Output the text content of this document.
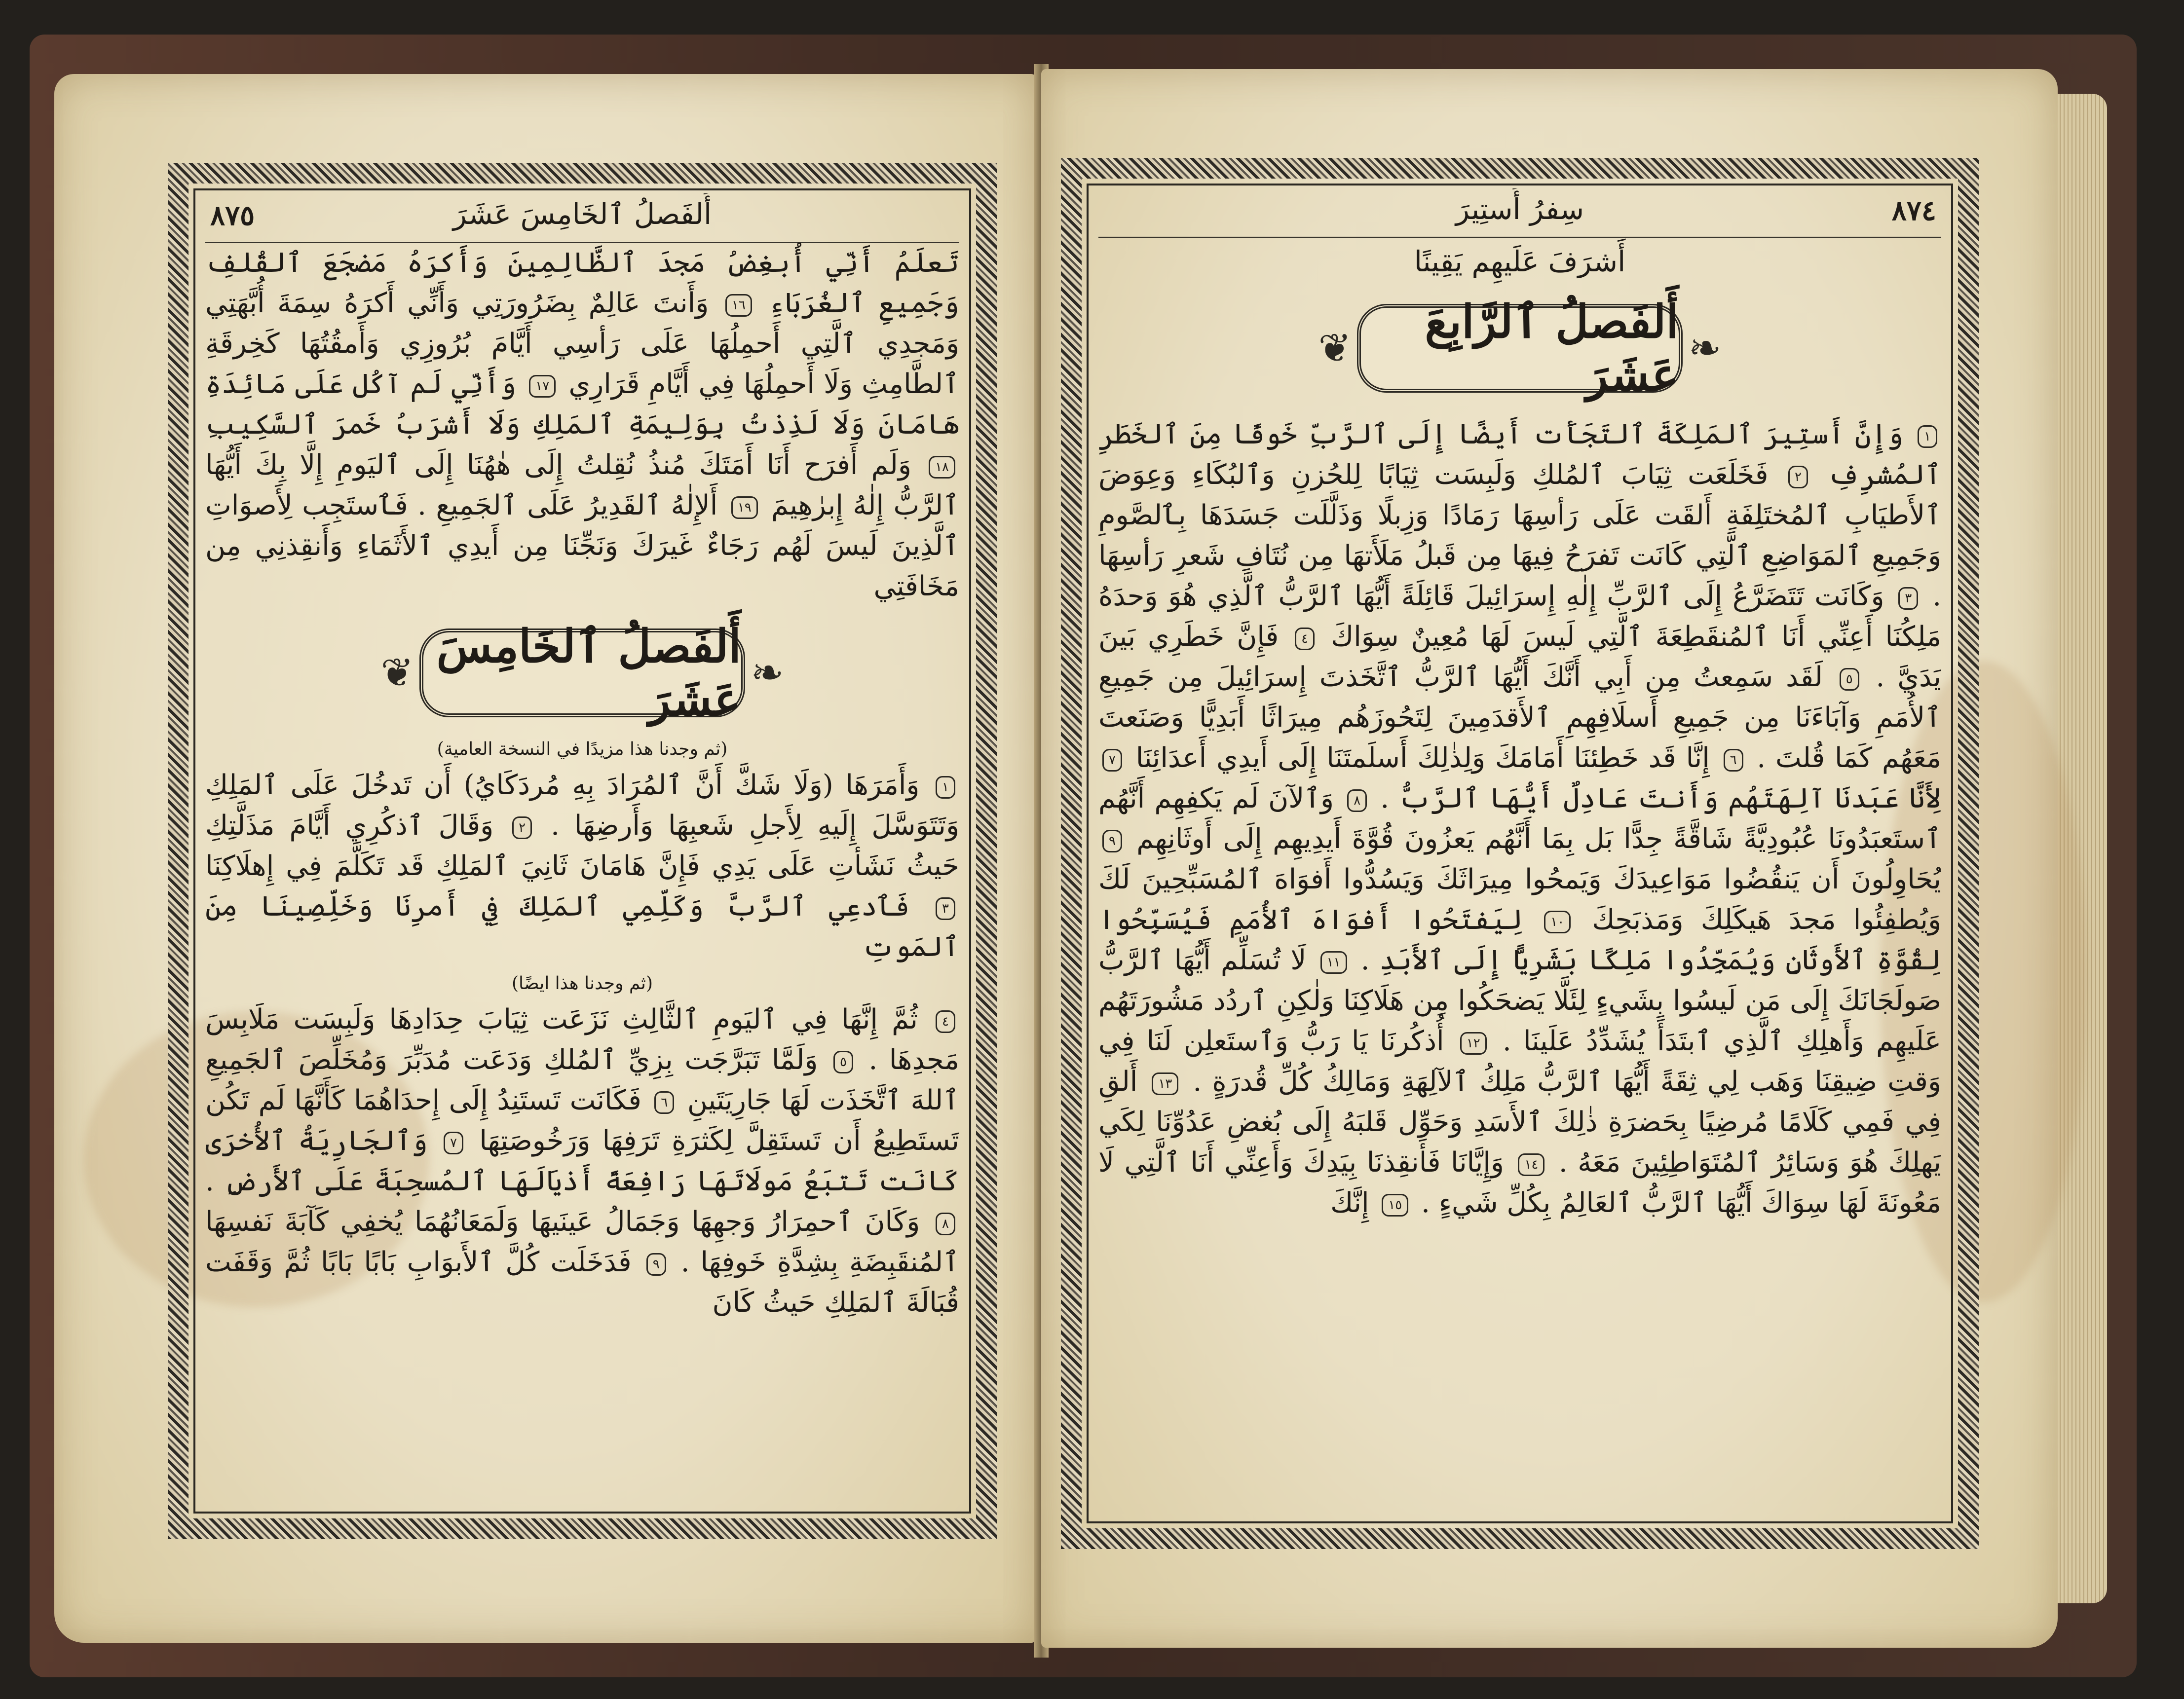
٨٧٥	أَلفَصلُ ٱلخَامِسَ عَشَرَ

تَعلَمُ أَنِّي أُبغِضُ مَجدَ ٱلظَّالِمِينَ وَأَكرَهُ مَضجَعَ ٱلقُلفِ وَجَمِيعِ ٱلغُرَبَاءِ ١٦ وَأَنتَ عَالِمٌ بِضَرُورَتِي وَأَنِّي أَكرَهُ سِمَةَ أُبَّهَتِي وَمَجدِي ٱلَّتِي أَحمِلُهَا عَلَى رَأسِي أَيَّامَ بُرُوزِي وَأَمقُتُهَا كَخِرقَةِ ٱلطَّامِثِ وَلَا أَحمِلُهَا فِي أَيَّامِ قَرَارِي ١٧ وَأَنِّي لَم آكُل عَلَى مَائِدَةِ هَامَانَ وَلَا لَذِذتُ بِوَلِيمَةِ ٱلمَلِكِ وَلَا أَشرَبُ خَمرَ ٱلسَّكِيبِ ١٨ وَلَم أَفرَح أَنَا أَمَتَكَ مُنذُ نُقِلتُ إِلَى هٰهُنَا إِلَى ٱليَومِ إِلَّا بِكَ أَيُّهَا ٱلرَّبُّ إِلٰهُ إِبرٰهِيمَ ١٩ أَلإِلٰهُ ٱلقَدِيرُ عَلَى ٱلجَمِيعِ . فَٱستَجِب لِأَصوَاتِ ٱلَّذِينَ لَيسَ لَهُم رَجَاءٌ غَيرَكَ وَنَجِّنَا مِن أَيدِي ٱلأَثَمَاءِ وَأَنقِذنِي مِن مَخَافَتِي

❦ أَلفَصلُ ٱلخَامِسَ عَشَرَ
❧
(ثم وجدنا هذا مزيدًا في النسخة العامية)

١ وَأَمَرَهَا (وَلَا شَكَّ أَنَّ ٱلمُرَادَ بِهِ مُردَكَايُ) أَن تَدخُلَ عَلَى ٱلمَلِكِ وَتَتَوَسَّلَ إِلَيهِ لِأَجلِ شَعبِهَا وَأَرضِهَا . ٢ وَقَالَ ٱذكُرِي أَيَّامَ مَذَلَّتِكِ حَيثُ نَشَأتِ عَلَى يَدِي فَإِنَّ هَامَانَ ثَانِيَ ٱلمَلِكِ قَد تَكَلَّمَ فِي إِهلَاكِنَا ٣ فَٱدعِي ٱلرَّبَّ وَكَلِّمِي ٱلمَلِكَ فِي أَمرِنَا وَخَلِّصِينَا مِنَ ٱلمَوتِ

(ثم وجدنا هذا ايضًا)

٤ ثُمَّ إِنَّهَا فِي ٱليَومِ ٱلثَّالِثِ نَزَعَت ثِيَابَ حِدَادِهَا وَلَبِسَت مَلَابِسَ مَجدِهَا . ٥ وَلَمَّا تَبَرَّجَت بِزِيِّ ٱلمُلكِ وَدَعَت مُدَبِّرَ وَمُخَلِّصَ ٱلجَمِيعِ ٱللهَ ٱتَّخَذَت لَهَا جَارِيَتَينِ ٦ فَكَانَت تَستَنِدُ إِلَى إِحدَاهُمَا كَأَنَّهَا لَم تَكُن تَستَطِيعُ أَن تَستَقِلَّ لِكَثرَةِ تَرَفِهَا وَرَخُوصَتِهَا ٧ وَٱلجَارِيَةُ ٱلأُخرَى كَانَت تَتبَعُ مَولَاتَهَا رَافِعَةً أَذيَالَهَا ٱلمُسحِبَةَ عَلَى ٱلأَرضِ . ٨ وَكَانَ ٱحمِرَارُ وَجهِهَا وَجَمَالُ عَينَيهَا وَلَمَعَانُهُمَا يُخفِي كَآبَةَ نَفسِهَا ٱلمُنقَبِضَةِ بِشِدَّةِ خَوفِهَا . ٩ فَدَخَلَت كُلَّ ٱلأَبوَابِ بَابًا بَابًا ثُمَّ وَقَفَت قُبَالَةَ ٱلمَلِكِ حَيثُ كَانَ

٨٧٤
سِفرُ أَستِيرَ
أَشرَفَ عَلَيهِم يَقِينًا
❦	أَلفَصلُ ٱلرَّابِعَ عَشَرَ
❧

١ وَإِنَّ أَستِيرَ ٱلمَلِكَةَ ٱلتَجَأَت أَيضًا إِلَى ٱلرَّبِّ خَوفًا مِنَ ٱلخَطَرِ ٱلمُشرِفِ ٢ فَخَلَعَت ثِيَابَ ٱلمُلكِ وَلَبِسَت ثِيَابًا لِلحُزنِ وَٱلبُكَاءِ وَعِوَضَ ٱلأَطيَابِ ٱلمُختَلِفَةِ أَلقَت عَلَى رَأسِهَا رَمَادًا وَزِبلًا وَذَلَّلَت جَسَدَهَا بِٱلصَّومِ وَجَمِيعِ ٱلمَوَاضِعِ ٱلَّتِي كَانَت تَفرَحُ فِيهَا مِن قَبلُ مَلَأَتهَا مِن نُتَافِ شَعرِ رَأسِهَا . ٣ وَكَانَت تَتَضَرَّعُ إِلَى ٱلرَّبِّ إِلٰهِ إِسرَائِيلَ قَائِلَةً أَيُّهَا ٱلرَّبُّ ٱلَّذِي هُوَ وَحدَهُ مَلِكُنَا أَعِنِّي أَنَا ٱلمُنقَطِعَةَ ٱلَّتِي لَيسَ لَهَا مُعِينٌ سِوَاكَ ٤ فَإِنَّ خَطَرِي بَينَ يَدَيَّ . ٥ لَقَد سَمِعتُ مِن أَبِي أَنَّكَ أَيُّهَا ٱلرَّبُّ ٱتَّخَذتَ إِسرَائِيلَ مِن جَمِيعِ ٱلأُمَمِ وَآبَاءَنَا مِن جَمِيعِ أَسلَافِهِمِ ٱلأَقدَمِينَ لِتَحُوزَهُم مِيرَاثًا أَبَدِيًّا وَصَنَعتَ مَعَهُم كَمَا قُلتَ . ٦ إِنَّا قَد خَطِئنَا أَمَامَكَ وَلِذٰلِكَ أَسلَمتَنَا إِلَى أَيدِي أَعدَائِنَا ٧ لِأَنَّا عَبَدنَا آلِهَتَهُم وَأَنتَ عَادِلٌ أَيُّهَا ٱلرَّبُّ . ٨ وَٱلآنَ لَم يَكفِهِم أَنَّهُم ٱستَعبَدُونَا عُبُودِيَّةً شَاقَّةً جِدًّا بَل بِمَا أَنَّهُم يَعزُونَ قُوَّةَ أَيدِيهِم إِلَى أَوثَانِهِم ٩ يُحَاوِلُونَ أَن يَنقُضُوا مَوَاعِيدَكَ وَيَمحُوا مِيرَاثَكَ وَيَسُدُّوا أَفوَاهَ ٱلمُسَبِّحِينَ لَكَ وَيُطفِئُوا مَجدَ هَيكَلِكَ وَمَذبَحِكَ ١٠ لِيَفتَحُوا أَفوَاهَ ٱلأُمَمِ فَيُسَبِّحُوا لِقُوَّةِ ٱلأَوثَانِ وَيُمَجِّدُوا مَلِكًا بَشَرِيًّا إِلَى ٱلأَبَدِ . ١١ لَا تُسَلِّم أَيُّهَا ٱلرَّبُّ صَولَجَانَكَ إِلَى مَن لَيسُوا بِشَيءٍ لِئَلَّا يَضحَكُوا مِن هَلَاكِنَا وَلٰكِنِ ٱردُد مَشُورَتَهُم عَلَيهِم وَأَهلِكِ ٱلَّذِي ٱبتَدَأَ يُشَدِّدُ عَلَينَا . ١٢ أُذكُرنَا يَا رَبُّ وَٱستَعلِن لَنَا فِي وَقتِ ضِيقِنَا وَهَب لِي ثِقَةً أَيُّهَا ٱلرَّبُّ مَلِكُ ٱلآلِهَةِ وَمَالِكُ كُلِّ قُدرَةٍ . ١٣ أَلقِ فِي فَمِي كَلَامًا مُرضِيًا بِحَضرَةِ ذٰلِكَ ٱلأَسَدِ وَحَوِّل قَلبَهُ إِلَى بُغضِ عَدُوِّنَا لِكَي يَهلِكَ هُوَ وَسَائِرُ ٱلمُتَوَاطِئِينَ مَعَهُ . ١٤ وَإِيَّانَا فَأَنقِذنَا بِيَدِكَ وَأَعِنِّي أَنَا ٱلَّتِي لَا مَعُونَةَ لَهَا سِوَاكَ أَيُّهَا ٱلرَّبُّ ٱلعَالِمُ بِكُلِّ شَيءٍ . ١٥ إِنَّكَ
